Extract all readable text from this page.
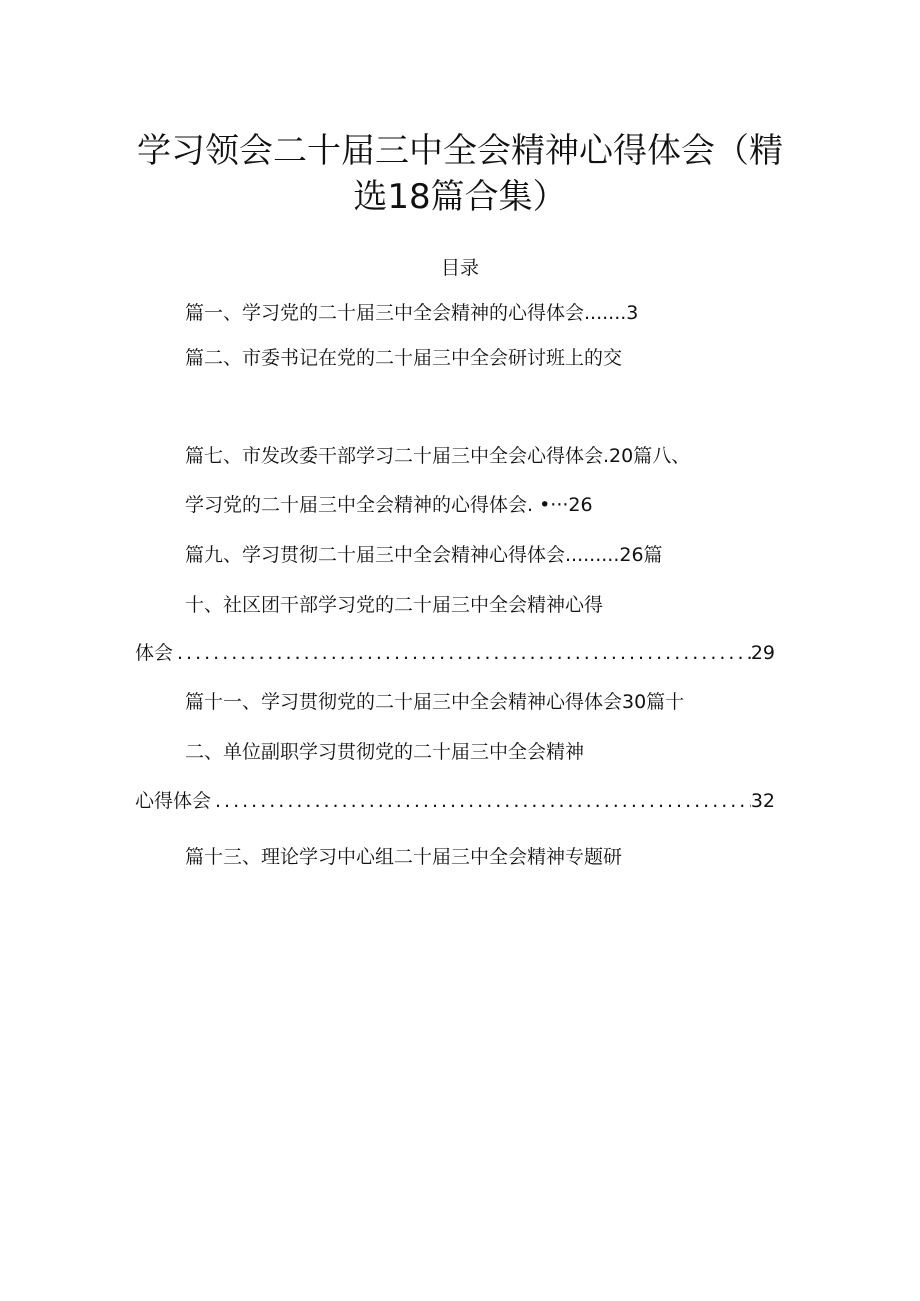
学习领会二十届三中全会精神心得体会（精
选18篇合集）
目录
篇一、学习党的二十届三中全会精神的心得体会.......3
篇二、市委书记在党的二十届三中全会研讨班上的交
篇七、市发改委干部学习二十届三中全会心得体会.20篇八、
学习党的二十届三中全会精神的心得体会. •···26
篇九、学习贯彻二十届三中全会精神心得体会.........26篇
十、社区团干部学习党的二十届三中全会精神心得
体会 .....	29
篇十一、学习贯彻党的二十届三中全会精神心得体会30篇十
二、单位副职学习贯彻党的二十届三中全会精神
心得体会 .....	32
篇十三、理论学习中心组二十届三中全会精神专题研
